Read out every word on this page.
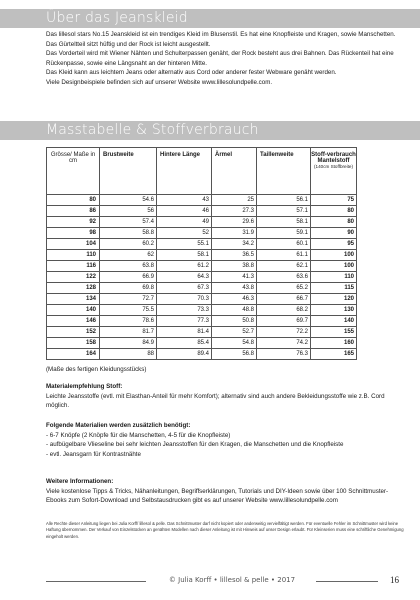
Über das Jeanskleid

Das lillesol stars No.15 Jeanskleid ist ein trendiges Kleid im Blusenstil. Es hat eine Knopfleiste und Kragen, sowie Manschetten. Das Gürteltteil sitzt hüftig und der Rock ist leicht ausgestellt.

Das Vorderteil wird mit Wiener Nähten und Schulterpassen genäht, der Rock besteht aus drei Bahnen. Das Rückenteil hat eine Rückenpasse, sowie eine Längsnaht an der hinteren Mitte.

Das Kleid kann aus leichtem Jeans oder alternativ aus Cord oder anderer fester Webware genäht werden.

Viele Designbeispiele befinden sich auf unserer Website www.lillesolundpelle.com.

Masstabelle & Stoffverbrauch
Grösse/ Maße in cm	Brustweite	Hintere Länge	Ärmel	Taillenweite	Stoff-verbrauch Mantelstoff
(140cm Stoffbreite)

80	54.6	43	25	56.1	75
86	56	46	27.3	57.1	80
92	57.4	49	29.6	58.1	80
98	58.8	52	31.9	59.1	90
104	60.2	55.1	34.2	60.1	95
110	62	58.1	36.5	61.1	100
116	63.8	61.2	38.8	62.1	100
122	66.9	64.3	41.3	63.6	110
128	69.8	67.3	43.8	65.2	115
134	72.7	70.3	46.3	66.7	120
140	75.5	73.3	48.8	68.2	130
146	78.6	77.3	50.8	69.7	140
152	81.7	81.4	52.7	72.2	155
158	84.9	85.4	54.8	74.2	160
164	88	89.4	56.8	76.3	165
(Maße des fertigen Kleidungsstücks)
Materialempfehlung Stoff:
Leichte Jeansstoffe (evtl. mit Elasthan-Anteil für mehr Komfort); alternativ sind auch andere Bekleidungsstoffe wie z.B. Cord möglich.
Folgende Materialien werden zusätzlich benötigt:
- 6-7 Knöpfe (2 Knöpfe für die Manschetten, 4-5 für die Knopfleiste)
- aufbügelbare Vlieseline bei sehr leichten Jeansstoffen für den Kragen, die Manschetten und die Knopfleiste
- evtl. Jeansgarn für Kontrastnähte
Weitere Informationen:
Viele kostenlose Tipps & Tricks, Nähanleitungen, Begriffserklärungen, Tutorials und DIY-Ideen sowie über 100 Schnittmuster-Ebooks zum Sofort-Download und Selbstausdrucken gibt es auf unserer Website www.lillesolundpelle.com
Alle Rechte dieser Anleitung liegen bei Julia Korff/ lillesol & pelle. Das Schnittmuster darf nicht kopiert oder anderweitig vervielfältigt werden. Für eventuelle Fehler im Schnittmuster wird keine Haftung übernommen. Der Verkauf von Einzelstücken an genähten Modellen nach dieser Anleitung ist mit Hinweis auf unser Design erlaubt. Für Kleinserien muss eine schriftliche Genehmigung eingeholt werden.
© Julia Korff • lillesol & pelle • 2017	16
